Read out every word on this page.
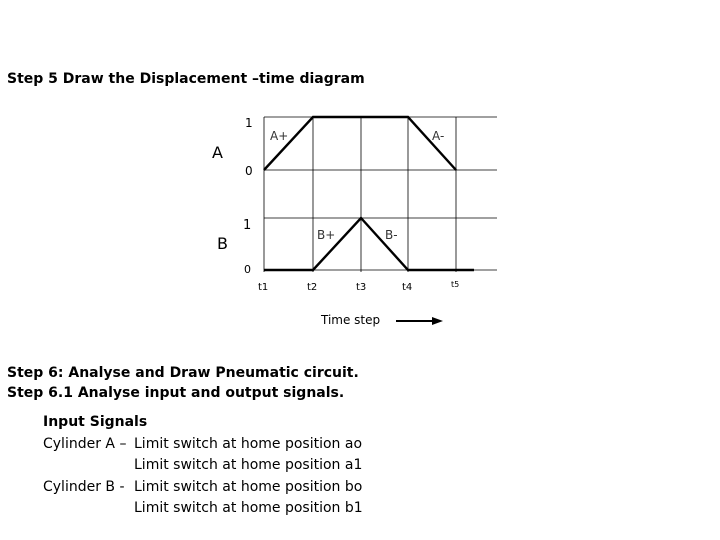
Step 5 Draw the Displacement –time diagram
A
B
1
0
1
0
A+	A-
B+	B-
t1	t2	t3	t4	t5
Time step
Step 6: Analyse and Draw Pneumatic circuit.
Step 6.1 Analyse input and output signals.
Input Signals
Cylinder A – Limit switch at home position ao
Limit switch at home position a1
Cylinder B - Limit switch at home position bo
Limit switch at home position b1
